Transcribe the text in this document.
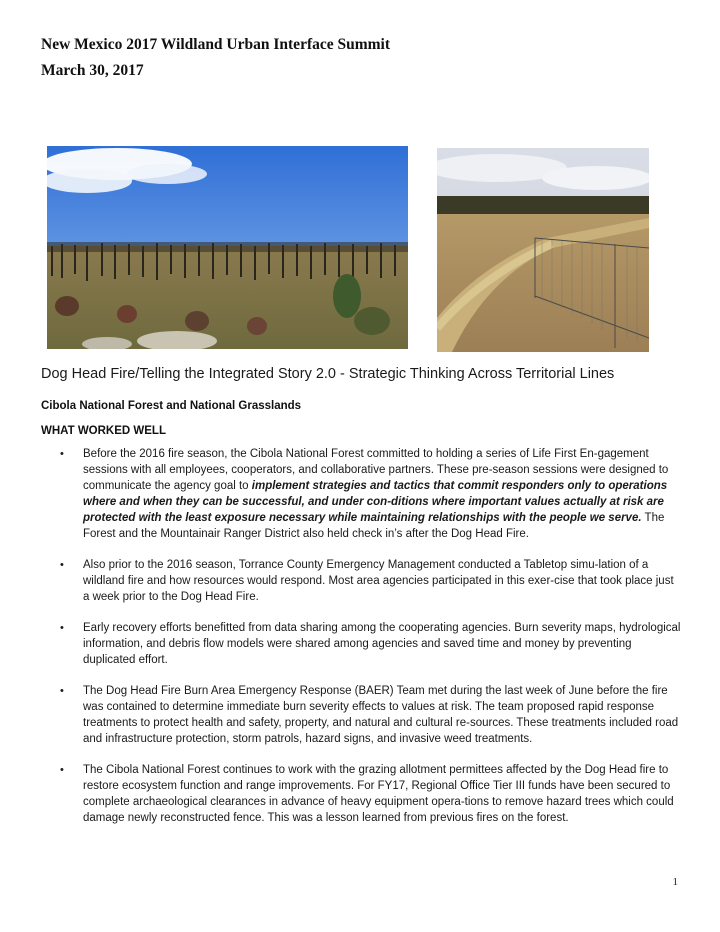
New Mexico 2017 Wildland Urban Interface Summit
March 30, 2017
Dog Head Fire/Telling the Integrated Story 2.0 - Strategic Thinking Across Territorial Lines
Cibola National Forest and National Grasslands
WHAT WORKED WELL
• Before the 2016 fire season, the Cibola National Forest committed to holding a series of Life First En-gagement sessions with all employees, cooperators, and collaborative partners. These pre-season sessions were designed to communicate the agency goal to implement strategies and tactics that commit responders only to operations where and when they can be successful, and under con-ditions where important values actually at risk are protected with the least exposure necessary while maintaining relationships with the people we serve. The Forest and the Mountainair Ranger District also held check in’s after the Dog Head Fire.
• Also prior to the 2016 season, Torrance County Emergency Management conducted a Tabletop simu-lation of a wildland fire and how resources would respond. Most area agencies participated in this exer-cise that took place just a week prior to the Dog Head Fire.
• Early recovery efforts benefitted from data sharing among the cooperating agencies. Burn severity maps, hydrological information, and debris flow models were shared among agencies and saved time and money by preventing duplicated effort.
• The Dog Head Fire Burn Area Emergency Response (BAER) Team met during the last week of June before the fire was contained to determine immediate burn severity effects to values at risk. The team proposed rapid response treatments to protect health and safety, property, and natural and cultural re-sources. These treatments included road and infrastructure protection, storm patrols, hazard signs, and invasive weed treatments.
• The Cibola National Forest continues to work with the grazing allotment permittees affected by the Dog Head fire to restore ecosystem function and range improvements. For FY17, Regional Office Tier III funds have been secured to complete archaeological clearances in advance of heavy equipment opera-tions to remove hazard trees which could damage newly reconstructed fence. This was a lesson learned from previous fires on the forest.
1
